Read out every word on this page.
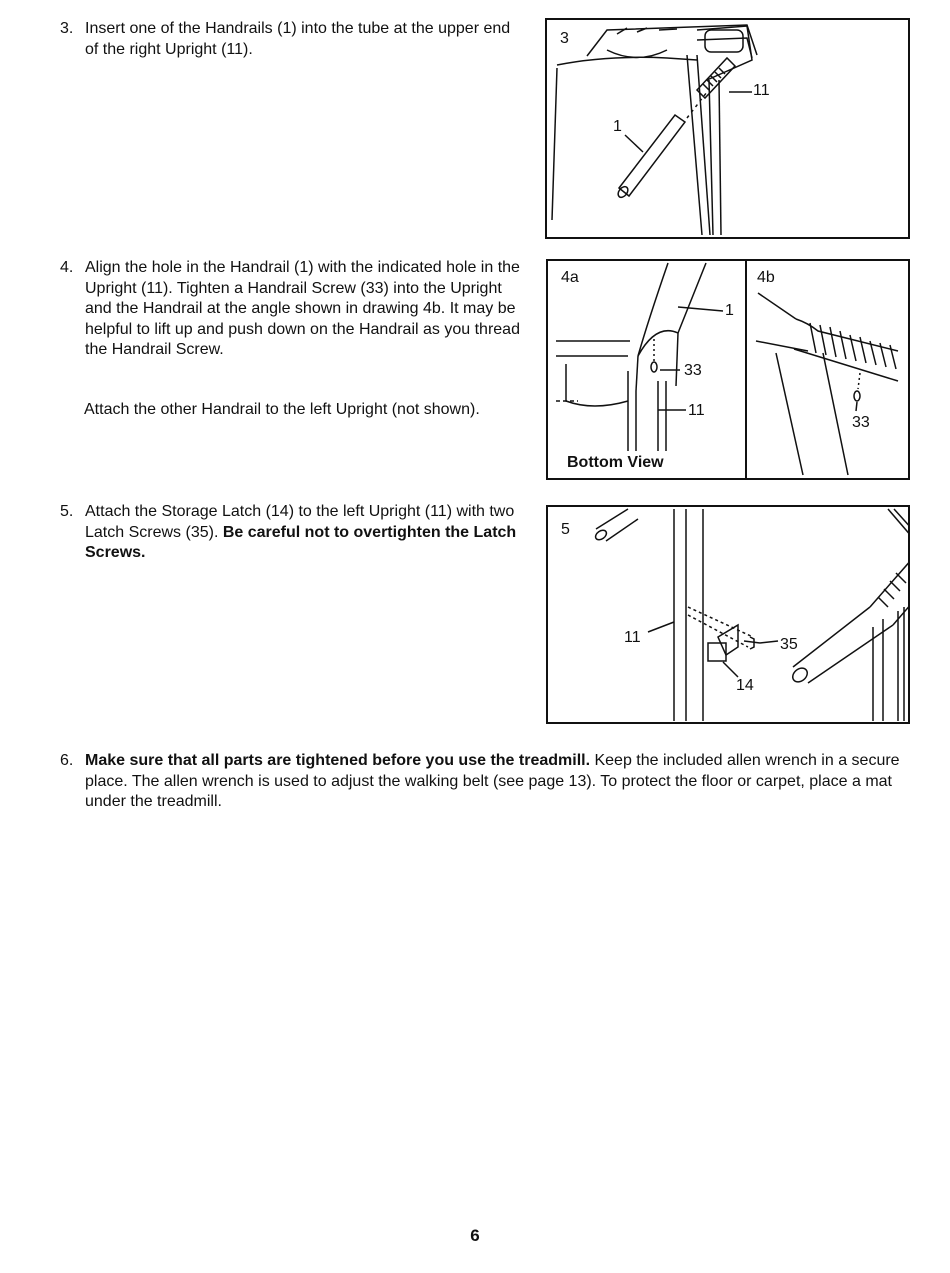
3. Insert one of the Handrails (1) into the tube at the upper end of the right Upright (11).
3
1
11
4. Align the hole in the Handrail (1) with the indicated hole in the Upright (11). Tighten a Handrail Screw (33) into the Upright and the Handrail at the angle shown in drawing 4b. It may be helpful to lift up and push down on the Handrail as you thread the Handrail Screw.
Attach the other Handrail to the left Upright (not shown).
4a
1
33
11
Bottom View
4b
33
5. Attach the Storage Latch (14) to the left Upright (11) with two Latch Screws (35). Be careful not to overtighten the Latch Screws.
5
11	35
14
6. Make sure that all parts are tightened before you use the treadmill. Keep the included allen wrench in a secure place. The allen wrench is used to adjust the walking belt (see page 13). To protect the floor or carpet, place a mat under the treadmill.
6
